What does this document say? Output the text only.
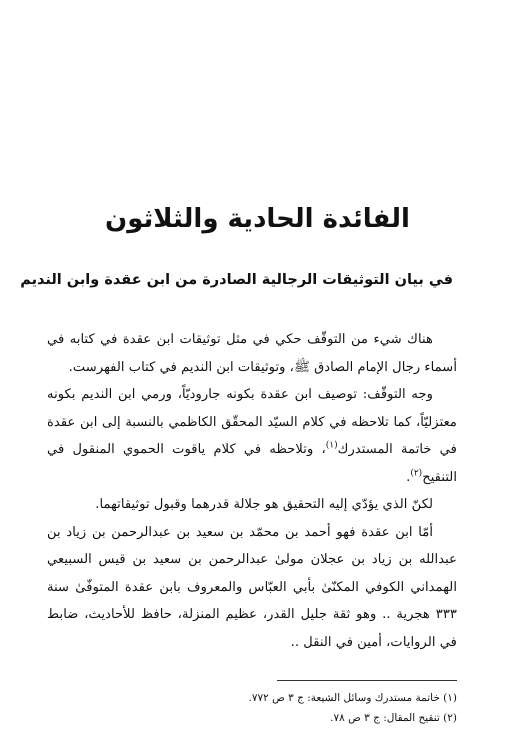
الفائدة الحادية والثلاثون
في بيان التوثيقات الرجالية الصادرة من ابن عقدة وابن النديم

هناك شيء من التوقّف حكي في مثل توثيقات ابن عقدة في كتابه في أسماء رجال الإمام الصادق ﷺ، وتوثيقات ابن النديم في كتاب الفهرست.

وجه التوقّف: توصيف ابن عقدة بكونه جاروديّاً، ورمي ابن النديم بكونه معتزليّاً، كما تلاحظه في كلام السيّد المحقّق الكاظمي بالنسبة إلى ابن عقدة في خاتمة المستدرك$^{(١)}$، وتلاحظه في كلام ياقوت الحموي المنقول في التنقيح$^{(٢)}$.

لكنّ الذي يؤدّي إليه التحقيق هو جلالة قدرهما وقبول توثيقاتهما.

أمّا ابن عقدة فهو أحمد بن محمّد بن سعيد بن عبدالرحمن بن زياد بن عبدالله بن زياد بن عجلان مولىٰ عبدالرحمن بن سعيد بن قيس السبيعي الهمداني الكوفي المكنّىٰ بأبي العبّاس والمعروف بابن عقدة المتوفّىٰ سنة ٣٣٣ هجرية .. وهو ثقة جليل القدر، عظيم المنزلة، حافظ للأحاديث، ضابط في الروايات، أمين في النقل ..

(١) خاتمة مستدرك وسائل الشيعة: ج ٣ ص ٧٧٢.
(٢) تنقيح المقال: ج ٣ ص ٧٨.
